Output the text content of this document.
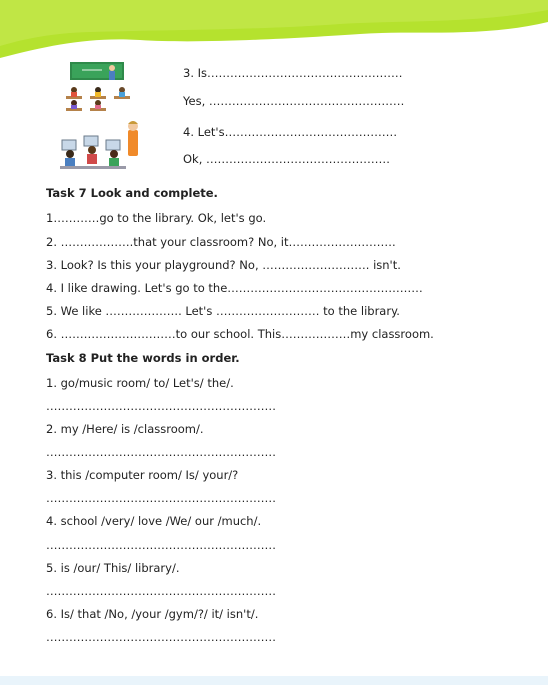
3. Is……………………………………………
Yes, ……………………………………………
4. Let's………………………………………
Ok, …………………………………………
Task 7 Look and complete.
1…………go to the library. Ok, let's go.
2. ……………….that your classroom? No, it……………………….
3. Look? Is this your playground? No, ………………………. isn't.
4. I like drawing. Let's go to the……………………………………………
5. We like ……………….. Let's ……………………… to the library.
6. …………………………to our school. This………………my classroom.
Task 8 Put the words in order.
1. go/music room/ to/ Let's/ the/.
……………………………………………………
2. my /Here/ is /classroom/.
……………………………………………………
3. this /computer room/ Is/ your/?
……………………………………………………
4. school /very/ love /We/ our /much/.
……………………………………………………
5. is /our/ This/ library/.
……………………………………………………
6. Is/ that /No, /your /gym/?/ it/ isn't/.
……………………………………………………
